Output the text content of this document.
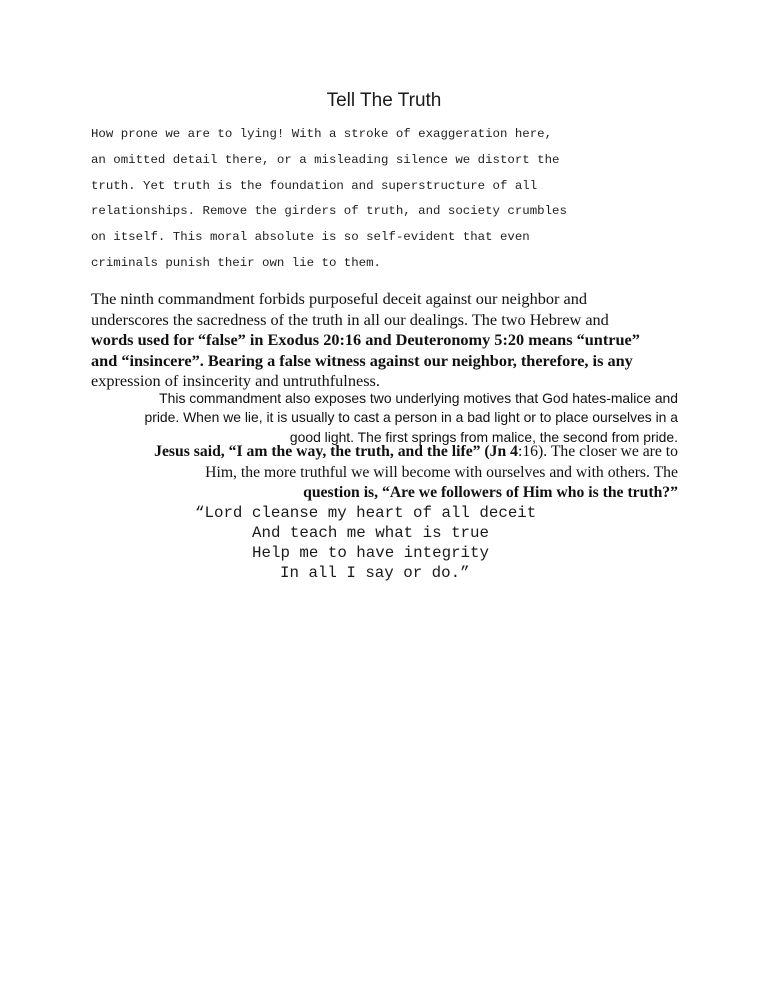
Tell The Truth
How prone we are to lying! With a stroke of exaggeration here,
an omitted detail there, or a misleading silence we distort the
truth. Yet truth is the foundation and superstructure of all
relationships. Remove the girders of truth, and society crumbles
on itself. This moral absolute is so self-evident that even
criminals punish their own lie to them.
The ninth commandment forbids purposeful deceit against our neighbor and
underscores the sacredness of the truth in all our dealings. The two Hebrew and
words used for “false” in Exodus 20:16 and Deuteronomy 5:20 means “untrue”
and “insincere”. Bearing a false witness against our neighbor, therefore, is any
expression of insincerity and untruthfulness.
This commandment also exposes two underlying motives that God hates-malice and
pride. When we lie, it is usually to cast a person in a bad light or to place ourselves in a
good light. The first springs from malice, the second from pride.
Jesus said, “I am the way, the truth, and the life” (Jn 4:16). The closer we are to
Him, the more truthful we will become with ourselves and with others. The
question is, “Are we followers of Him who is the truth?”
“Lord cleanse my heart of all deceit
And teach me what is true
Help me to have integrity
In all I say or do.”
